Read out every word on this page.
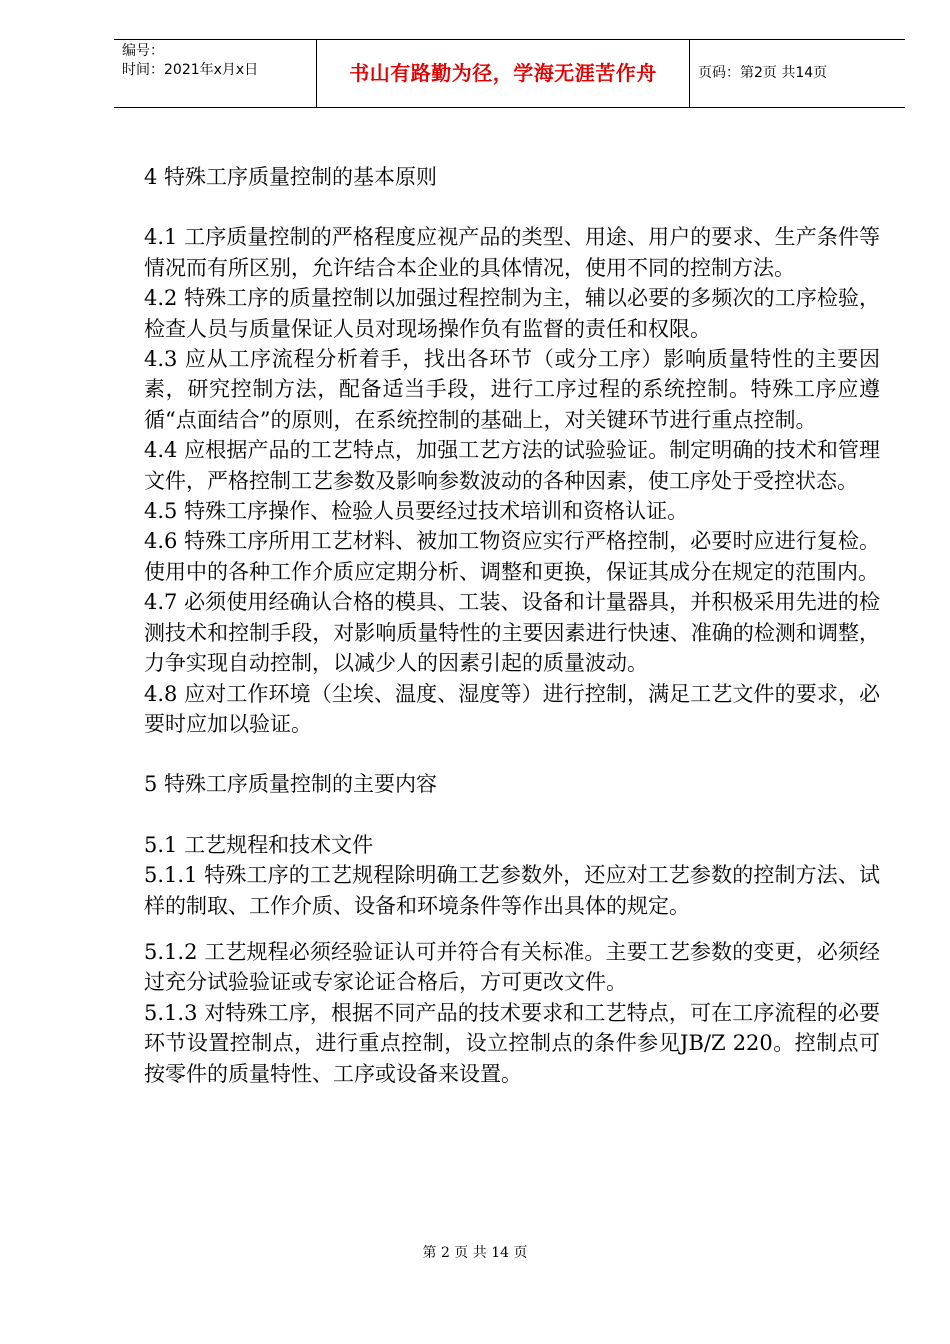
编号：
时间：2021年x月x日	书山有路勤为径，学海无涯苦作舟	页码：第2页 共14页

4 特殊工序质量控制的基本原则

4.1 工序质量控制的严格程度应视产品的类型、用途、用户的要求、生产条件等情况而有所区别，允许结合本企业的具体情况，使用不同的控制方法。

4.2 特殊工序的质量控制以加强过程控制为主，辅以必要的多频次的工序检验，检查人员与质量保证人员对现场操作负有监督的责任和权限。

4.3 应从工序流程分析着手，找出各环节（或分工序）影响质量特性的主要因素，研究控制方法，配备适当手段，进行工序过程的系统控制。特殊工序应遵循“点面结合”的原则，在系统控制的基础上，对关键环节进行重点控制。

4.4 应根据产品的工艺特点，加强工艺方法的试验验证。制定明确的技术和管理文件，严格控制工艺参数及影响参数波动的各种因素，使工序处于受控状态。

4.5 特殊工序操作、检验人员要经过技术培训和资格认证。

4.6 特殊工序所用工艺材料、被加工物资应实行严格控制，必要时应进行复检。使用中的各种工作介质应定期分析、调整和更换，保证其成分在规定的范围内。

4.7 必须使用经确认合格的模具、工装、设备和计量器具，并积极采用先进的检测技术和控制手段，对影响质量特性的主要因素进行快速、准确的检测和调整，力争实现自动控制，以减少人的因素引起的质量波动。

4.8 应对工作环境（尘埃、温度、湿度等）进行控制，满足工艺文件的要求，必要时应加以验证。

5 特殊工序质量控制的主要内容

5.1 工艺规程和技术文件

5.1.1 特殊工序的工艺规程除明确工艺参数外，还应对工艺参数的控制方法、试样的制取、工作介质、设备和环境条件等作出具体的规定。

5.1.2 工艺规程必须经验证认可并符合有关标准。主要工艺参数的变更，必须经过充分试验验证或专家论证合格后，方可更改文件。

5.1.3 对特殊工序，根据不同产品的技术要求和工艺特点，可在工序流程的必要环节设置控制点，进行重点控制，设立控制点的条件参见JB/Z 220。控制点可按零件的质量特性、工序或设备来设置。

第 2 页 共 14 页
